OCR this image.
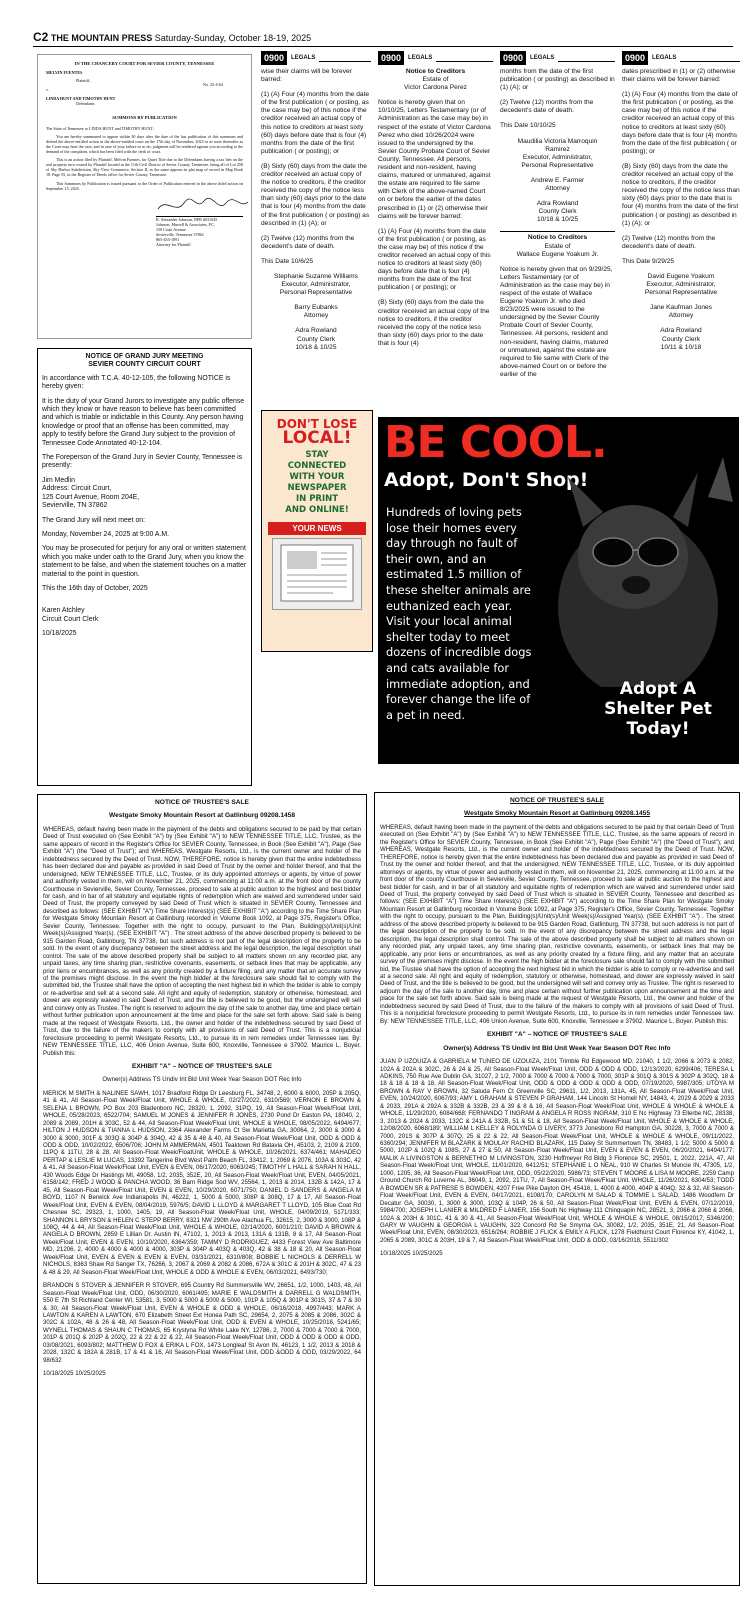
C2 THE MOUNTAIN PRESS Saturday-Sunday, October 18-19, 2025
IN THE CHANCERY COURT FOR SEVIER COUNTY, TENNESSEE
MELVIN FUENTES
Plaintiff,
v.
LINDA HUNT AND TIMOTHY HUNT
Defendants
No. 25-4-64
SUMMONS BY PUBLICATION

The State of Tennessee to LINDA HUNT and TIMOTHY HUNT:

You are hereby summoned to appear within 30 days after the date of the last publication of this summons and defend the above-entitled action in the above-entitled court on the 17th day of November, 2025 or as soon thereafter as the Court may hear the case, and in case of your failure to so do, judgment will be rendered against you according to the demand of the complaint, which has been filed with the clerk of court.

This is an action filed by Plaintiff, Melvin Fuentes, for Quiet Title due to the Defendants having a tax lien on the real property now owned by Plaintiff located in the 11th Civil District of Sevier County, Tennessee, being all of Lot 258 of Sky Harbor Subdivision, Sky View Commerce, Section II, as the same appears in plat map of record in Map Book 18, Page 55, in the Register of Deeds office for Sevier County, Tennessee.

This Summons by Publication is issued pursuant to the Order of Publication entered in the above titled action on September 15, 2025.

R. Alexander Johnson, BPR #031045
Johnson, Murrell & Associates, P.C.
150 Court Avenue
Sevierville, Tennessee 37862
865-453-1891
Attorney for Plaintiff
NOTICE OF GRAND JURY MEETING
SEVIER COUNTY CIRCUIT COURT

In accordance with T.C.A. 40-12-105, the following NOTICE is hereby given:

It is the duty of your Grand Jurors to investigate any public offense which they know or have reason to believe has been committed and which is triable or indictable in this County. Any person having knowledge or proof that an offense has been committed, may apply to testify before the Grand Jury subject to the provision of Tennessee Code Annotated 40-12-104.

The Foreperson of the Grand Jury in Sevier County, Tennessee is presently:

Jim Medlin
Address: Circuit Court,
125 Court Avenue, Room 204E,
Sevierville, TN 37862

The Grand Jury will next meet on:

Monday, November 24, 2025 at 9:00 A.M.

You may be prosecuted for perjury for any oral or written statement which you make under oath to the Grand Jury, when you know the statement to be false, and when the statement touches on a matter material to the point in question.

This the 16th day of October, 2025

Karen Atchley
Circuit Court Clerk

10/18/2025

0900	LEGALS

wise their claims will be forever barred:

(1) (A) Four (4) months from the date of the first publication ( or posting, as the case may be) of this notice if the creditor received an actual copy of this notice to creditors at least sixty (60) days before date that is four (4) months from the date of the first publication ( or posting); or

(B) Sixty (60) days from the date the creditor received an actual copy of the notice to creditors, if the creditor received the copy of the notice less than sixty (60) days prior to the date that is four (4) months from the date of the first publication ( or posting) as described in (1) (A); or

(2) Twelve (12) months from the decedent's date of death.

This Date 10/6/25

Stephanie Suzanne Williams
Executor, Administrator,
Personal Representative

Barry Eubanks
Attorney

Adra Rowland
County Clerk
10/18 & 10/25

0900	LEGALS

Notice to Creditors
Estate of
Victor Cardona Perez

Notice is hereby given that on 10/10/25, Letters Testamentary (or of Administration as the case may be) in respect of the estate of Victor Cardona Perez who died 10/26/2024 were issued to the undersigned by the Sevier County Probate Court of Sevier County, Tennessee. All persons, resident and non-resident, having claims, matured or unmatured, against the estate are required to file same with Clerk of the above-named Court on or before the earlier of the dates prescribed in (1) or (2) otherwise their claims will be forever barred:

(1) (A) Four (4) months from the date of the first publication ( or posting, as the case may be) of this notice if the creditor received an actual copy of this notice to creditors at least sixty (60) days before date that is four (4) months from the date of the first publication ( or posting); or

(B) Sixty (60) days from the date the creditor received an actual copy of the notice to creditors, if the creditor received the copy of the notice less than sixty (60) days prior to the date that is four (4)

0900	LEGALS

months from the date of the first publication ( or posting) as described in (1) (A); or

(2) Twelve (12) months from the decedent's date of death.

This Date 10/10/25

Maudilia Victoria Marroquin
Ramirez
Executor, Administrator,
Personal Representative

Andrew E. Farmer
Attorney

Adra Rowland
County Clerk
10/18 & 10/25

Notice to Creditors
Estate of
Wallace Eugene Yoakum Jr.

Notice is hereby given that on 9/29/25, Letters Testamentary (or of Administration as the case may be) in respect of the estate of Wallace Eugene Yoakum Jr. who died 8/23/2025 were issued to the undersigned by the Sevier County Probate Court of Sevier County, Tennessee. All persons, resident and non-resident, having claims, matured or unmatured, against the estate are required to file same with Clerk of the above-named Court on or before the earlier of the

0900	LEGALS

dates prescribed in (1) or (2) otherwise their claims will be forever barred:

(1) (A) Four (4) months from the date of the first publication ( or posting, as the case may be) of this notice if the creditor received an actual copy of this notice to creditors at least sixty (60) days before date that is four (4) months from the date of the first publication ( or posting); or

(B) Sixty (60) days from the date the creditor received an actual copy of the notice to creditors, if the creditor received the copy of the notice less than sixty (60) days prior to the date that is four (4) months from the date of the first publication ( or posting) as described in (1) (A); or

(2) Twelve (12) months from the decedent's date of death.

This Date 9/29/25

David Eugene Yoakum
Executor, Administrator,
Personal Representative

Jane Kaufman Jones
Attorney

Adra Rowland
County Clerk
10/11 & 10/18

DON'T LOSE
LOCAL!
STAY
CONNECTED
WITH YOUR
NEWSPAPER
IN PRINT
AND ONLINE!
YOUR NEWS
BE COOL.
Adopt, Don't Shop!
Hundreds of loving pets lose their homes every day through no fault of their own, and an estimated 1.5 million of these shelter animals are euthanized each year. Visit your local animal shelter today to meet dozens of incredible dogs and cats available for immediate adoption, and forever change the life of a pet in need.
Adopt A Shelter Pet Today!
NOTICE OF TRUSTEE'S SALE
Westgate Smoky Mountain Resort at Gatlinburg 09208.1458

WHEREAS, default having been made in the payment of the debts and obligations secured to be paid by that certain Deed of Trust executed on (See Exhibit "A") by (See Exhibit "A") to NEW TENNESSEE TITLE, LLC, Trustee, as the same appears of record in the Register's Office for SEVIER County, Tennessee, in Book (See Exhibit "A"), Page (See Exhibit "A") (the "Deed of Trust"); and WHEREAS, Westgate Resorts, Ltd., is the current owner and holder of the indebtedness secured by the Deed of Trust. NOW, THEREFORE, notice is hereby given that the entire indebtedness has been declared due and payable as provided in said Deed of Trust by the owner and holder thereof, and that the undersigned, NEW TENNESSEE TITLE, LLC, Trustee, or its duly appointed attorneys or agents, by virtue of power and authority vested in them, will on November 21, 2025, commencing at 11:00 a.m. at the front door of the county Courthouse in Sevierville, Sevier County, Tennessee, proceed to sale at public auction to the highest and best bidder for cash, and in bar of all statutory and equitable rights of redemption which are waived and surrendered under said Deed of Trust, the property conveyed by said Deed of Trust which is situated in SEVIER County, Tennessee and described as follows: (SEE EXHIBIT "A") Time Share Interest(s) (SEE EXHIBIT "A") according to the Time Share Plan for Westgate Smoky Mountain Resort at Gatlinburg recorded in Volume Book 1092, at Page 375, Register's Office, Sevier County, Tennessee. Together with the right to occupy, pursuant to the Plan, Building(s)/Unit(s)/Unit Week(s)/Assigned Year(s). (SEE EXHIBIT "A") . The street address of the above described property is believed to be 915 Garden Road, Gatlinburg, TN 37738, but such address is not part of the legal description of the property to be sold. In the event of any discrepancy between the street address and the legal description, the legal description shall control. The sale of the above described property shall be subject to all matters shown on any recorded plat, any unpaid taxes, any time sharing plan, restrictive covenants, easements, or setback lines that may be applicable, any prior liens or encumbrances, as well as any priority created by a fixture filing, and any matter that an accurate survey of the premises might disclose. In the event the high bidder at the foreclosure sale should fail to comply with the submitted bid, the Trustee shall have the option of accepting the next highest bid in which the bidder is able to comply or re-advertise and sell at a second sale. All right and equity of redemption, statutory or otherwise, homestead, and dower are expressly waived in said Deed of Trust, and the title is believed to be good, but the undersigned will sell and convey only as Trustee. The right is reserved to adjourn the day of the sale to another day, time and place certain without further publication upon announcement at the time and place for the sale set forth above. Said sale is being made at the request of Westgate Resorts, Ltd., the owner and holder of the indebtedness secured by said Deed of Trust, due to the failure of the makers to comply with all provisions of said Deed of Trust. This is a nonjudicial foreclosure proceeding to permit Westgate Resorts, Ltd., to pursue its in rem remedies under Tennessee law. By: NEW TENNESSEE TITLE, LLC, 406 Union Avenue, Suite 600, Knoxville, Tennessee e 37902. Maurice L. Boyer. Publish this:

EXHIBIT "A" – NOTICE OF TRUSTEE'S SALE

Owner(s) Address TS Undiv Int Bld Unit Week Year Season DOT Rec Info

MERICK M SMITH & NALINEE SAWH, 1017 Bradford Ridge Dr Leesburg FL, 34748, 2, 6000 & 6000, 205P & 205Q, 41 & 41, All Season-Float Week/Float Unit, WHOLE & WHOLE, 02/27/2022, 6310/569; VERNON E BROWN & SELENA L BROWN, PO Box 203 Bladenboro NC, 28320, 1, 2092, 31PQ, 19, All Season-Float Week/Float Unit, WHOLE, 05/28/2023, 6522/704; SAMUEL M JONES & JENNIFER R JONES, 2730 Pond Dr Easton PA, 18040, 2, 2089 & 2089, 201H & 303C, 52 & 44, All Season-Float Week/Float Unit, WHOLE & WHOLE, 08/05/2022, 6494/677; HILTON J HUDSON & TIANNA L HUDSON, 2364 Alexander Farms Ct Sw Marietta GA, 30064, 2, 3000 & 3000 & 3000 & 3000, 301F & 303Q & 304P & 304Q, 42 & 35 & 48 & 40, All Season-Float Week/Float Unit, ODD & ODD & ODD & ODD, 10/02/2022, 6506/706; JOHN M AMMERMAN, 4501 Teaktown Rd Batavia OH, 45103, 2, 2109 & 2109, 11PQ & 11TU, 28 & 28, All Season-Float Week/FloatUnit, WHOLE & WHOLE, 10/26/2021, 6374/461; MAHADEO PERTAP & LESLIE M LUCAS, 13392 Tangerine Blvd West Palm Beach FL, 33412, 1, 2069 & 2076, 103A & 303C, 42 & 41, All Season-Float Week/Float Unit, EVEN & EVEN, 06/17/2020, 6063/245; TIMOTHY L HALL & SARAH N HALL, 430 Woods Edge Dr Hastings MI, 49058, 1/2, 2035, 352E, 20, All Season-Float Week/Float Unit, EVEN, 04/05/2021, 6158/142; FRED J WOOD & PANCHA WOOD, 36 Barn Ridge Sod WV, 25564, 1, 2013 & 2014, 132B & 142A, 17 & 45, All Season-Float Week/Float Unit, EVEN & EVEN, 10/29/2020, 6071/750; DANIEL D SANDERS & ANGELA M BOYD, 1107 N Berwick Ave Indianapolis IN, 46222, 1, 5000 & 5000, 308P & 308Q, 17 & 17, All Season-Float Week/Float Unit, EVEN & EVEN, 08/04/2019, 5976/5; DAVID L LLOYD & MARGARET T LLOYD, 105 Blue Coat Rd Chesnee SC, 29323, 1, 1000, 1405, 19, All Season-Float Week/Float Unit, WHOLE, 04/09/2019, 5171/333; SHANNON L BRYSON & HELEN C STEPP BERRY, 8321 NW 290th Ave Alachua FL, 32615, 2, 3000 & 3000, 108P & 108Q, 44 & 44, All Season-Float Week/Float Unit, WHOLE & WHOLE, 02/14/2020, 6001/210; DAVID A BROWN & ANGELA D BROWN, 2859 E Lillian Dr. Austin IN, 47102, 1, 2013 & 2013, 131A & 131B, 8 & 17, All Season-Float Week/Float Unit, EVEN & EVEN, 10/10/2020, 6364/359; TAMMY D RODRIGUEZ, 4433 Forest View Ave Baltimore MD, 21206, 2, 4000 & 4000 & 4000 & 4000, 303P & 304P & 403Q & 403Q, 42 & 38 & 18 & 20, All Season-Float Week/Float Unit, EVEN & EVEN & EVEN & EVEN, 03/31/2021, 6310/808; BOBBIE L NICHOLS & DERRELL W NICHOLS, 8363 Shaw Rd Sanger TX, 76266, 3, 2067 & 2069 & 2082 & 2086, 672A & 301C & 201H & 302C, 47 & 23 & 48 & 29, All Season-Float Week/Float Unit, WHOLE & ODD & WHOLE & EVEN, 06/03/2021, 6493/730;

BRANDON S STOVER & JENNIFER R STOVER, 695 Country Rd Summersville WV, 26651, 1/2, 1000, 1403, 48, All Season-Float Week/Float Unit, ODD, 06/30/2020, 6061/495; MARIE E WALDSMITH & DARRELL G WALDSMITH, 550 E 7th St Richland Center WI, 53581, 3, 5000 & 5000 & 5000 & 5000, 101P & 105Q & 301P & 301S, 37 & 7 & 30 & 30, All Season-Float Week/Float Unit, EVEN & WHOLE & ODD & WHOLE, 06/16/2018, 4997/443; MARK A LAWTON & KAREN A LAWTON, 670 Elizabeth Street Ext Honea Path SC, 29654, 2, 2075 & 2085 & 2086, 302C & 302C & 102A, 48 & 26 & 48, All Season-Float Week/Float Unit, ODD & EVEN & WHOLE, 10/25/2016, 5241/65; WYNELL THOMAS & SHAUN C THOMAS, 65 Krystyna Rd White Lake NY, 12786, 2, 7000 & 7000 & 7000 & 7000, 201P & 201Q & 202P & 202Q, 22 & 22 & 22 & 22, All Season-Float Week/Float Unit, ODD & ODD & ODD & ODD, 03/08/2021, 6093/802; MATTHEW D FOX & ERIKA L FOX, 1473 Longleaf St Avon IN, 46123, 1 1/2, 2013 & 2018 & 2028, 132C & 182A & 281B, 17 & 41 & 16, All Season-Float Week/Float Unit, ODD &ODD & ODD, 03/29/2022, 64 98/632

10/18/2025 10/25/2025

NOTICE OF TRUSTEE'S SALE
Westgate Smoky Mountain Resort at Gatlinburg 09208.1455

WHEREAS, default having been made in the payment of the debts and obligations secured to be paid by that certain Deed of Trust executed on (See Exhibit "A") by (See Exhibit "A") to NEW TENNESSEE TITLE, LLC, Trustee, as the same appears of record in the Register's Office for SEVIER County, Tennessee, in Book (See Exhibit "A"), Page (See Exhibit "A") (the "Deed of Trust"); and WHEREAS, Westgate Resorts, Ltd., is the current owner and holder of the indebtedness secured by the Deed of Trust. NOW, THEREFORE, notice is hereby given that the entire indebtedness has been declared due and payable as provided in said Deed of Trust by the owner and holder thereof, and that the undersigned, NEW TENNESSEE TITLE, LLC, Trustee, or its duly appointed attorneys or agents, by virtue of power and authority vested in them, will on November 21, 2025, commencing at 11:00 a.m. at the front door of the county Courthouse in Sevierville, Sevier County, Tennessee, proceed to sale at public auction to the highest and best bidder for cash, and in bar of all statutory and equitable rights of redemption which are waived and surrendered under said Deed of Trust, the property conveyed by said Deed of Trust which is situated in SEVIER County, Tennessee and described as follows: (SEE EXHIBIT "A") Time Share Interest(s) (SEE EXHIBIT "A") according to the Time Share Plan for Westgate Smoky Mountain Resort at Gatlinburg recorded in Volume Book 1092, at Page 375, Register's Office, Sevier County, Tennessee. Together with the right to occupy, pursuant to the Plan, Building(s)/Unit(s)/Unit Week(s)/Assigned Year(s). (SEE EXHIBIT "A") . The street address of the above described property is believed to be 915 Garden Road, Gatlinburg, TN 37738, but such address is not part of the legal description of the property to be sold. In the event of any discrepancy between the street address and the legal description, the legal description shall control. The sale of the above described property shall be subject to all matters shown on any recorded plat, any unpaid taxes, any time sharing plan, restrictive covenants, easements, or setback lines that may be applicable, any prior liens or encumbrances, as well as any priority created by a fixture filing, and any matter that an accurate survey of the premises might disclose. In the event the high bidder at the foreclosure sale should fail to comply with the submitted bid, the Trustee shall have the option of accepting the next highest bid in which the bidder is able to comply or re-advertise and sell at a second sale. All right and equity of redemption, statutory or otherwise, homestead, and dower are expressly waived in said Deed of Trust, and the title is believed to be good, but the undersigned will sell and convey only as Trustee. The right is reserved to adjourn the day of the sale to another day, time and place certain without further publication upon announcement at the time and place for the sale set forth above. Said sale is being made at the request of Westgate Resorts, Ltd., the owner and holder of the indebtedness secured by said Deed of Trust, due to the failure of the makers to comply with all provisions of said Deed of Trust. This is a nonjudicial foreclosure proceeding to permit Westgate Resorts, Ltd., to pursue its in rem remedies under Tennessee law. By: NEW TENNESSEE TITLE, LLC, 406 Union Avenue, Suite 600, Knoxville, Tennessee e 37902. Maurice L. Boyer. Publish this:

EXHIBIT "A" – NOTICE OF TRUSTEE'S SALE
Owner(s) Address TS Undiv Int Bld Unit Week Year Season DOT Rec Info

JUAN P UZOUIZA & GABRIELA M TUNEO DE UZOUIZA, 2101 Trimble Rd Edgewood MD, 21040, 1 1/2, 2066 & 2073 & 2082, 102A & 202A & 302C, 26 & 24 & 25, All Season-Float Week/Float Unit, ODD & ODD & ODD, 12/13/2020, 6299/406; TERESA L ADKINS, 750 Rue Ave Dublin GA, 31027, 2 1/2, 7000 & 7000 & 7000 & 7000 & 7000, 301P & 301Q & 301S & 302P & 302Q, 18 & 18 & 18 & 18 & 18, All Season-Float Week/Float Unit, ODD & ODD & ODD & ODD & ODD, 07/19/2020, 5987/305; UTOYA M BROWN & RAY V BROWN, 32 Saluda Fern Ct Greenville SC, 29611, 1/2, 2013, 131A, 45, All Season-Float Week/Float Unit, EVEN, 10/24/2020, 6067/93; AMY L GRAHAM & STEVEN P GRAHAM, 144 Lincoln St Homell NY, 14843, 4, 2029 & 2029 & 2033 & 2033, 291A & 292A & 332B & 332B, 23 & 39 & 8 & 16, All Season-Float Week/Float Unit, WHOLE & WHOLE & WHOLE & WHOLE, 11/29/2020, 6084/668; FERNANDO T INGRAM & ANGELA R ROSS INGRAM, 310 E Nc Highway 73 Ellerbe NC, 28338, 3, 2013 & 2024 & 2033, 132C & 241A & 332B, 51 & 51 & 18, All Season-Float Week/Float Unit, WHOLE & WHOLE & WHOLE, 12/08/2020, 6068/189; WILLIAM L KELLEY & ROLYNDA G LIVERY, 3773 Jonesboro Rd Hampton GA, 30228, 3, 7000 & 7000 & 7000, 201S & 307P & 307Q, 25 & 22 & 22, All Season-Float Week/Float Unit, WHOLE & WHOLE & WHOLE, 09/11/2022, 6360/294; JENNIFER M BLAZARK & MOULAY RACHID BLAZARK, 115 Daley St Summertown TN, 38483, 1 1/2, 5000 & 5000 & 5000, 102P & 102Q & 108S, 27 & 27 & 50, All Season-Float Week/Float Unit, EVEN & EVEN & EVEN, 06/20/2021, 6494/177; MALIK A LIVINGSTON & BERNETHIO M LIVINGSTON, 3230 Hoffmeyer Rd Bldg 3 Florence SC, 29501, 1, 2022, 221A, 47, All Season-Float Week/Float Unit, WHOLE, 11/01/2020, 6412/51; STEPHANIE L O NEAL, 910 W Charles St Muncie IN, 47305, 1/2, 1000, 1205, 36, All Season-Float Week/Float Unit, ODD, 05/22/2020, 5986/73; STEVEN T MOORE & LISA M MOORE, 2259 Camp Ground Church Rd Luverne AL, 36049, 1, 2092, 21TU, 7, All Season-Float Week/Float Unit, WHOLE, 11/26/2021, 6304/53; TODD A BOWDEN SR & PATRESE S BOWDEN, 4207 Free Pike Dayton OH, 45416, 1, 4000 & 4000, 404P & 404Q, 32 & 32, All Season-Float Week/Float Unit, EVEN & EVEN, 04/17/2021, 6108/170; CAROLYN M SALAD & TOMMIE L SALAD, 1486 Woodfern Dr Decatur GA, 30030, 1, 3000 & 3000, 103Q & 104P, 26 & 50, All Season-Float Week/Float Unit, EVEN & EVEN, 07/12/2019, 5984/700; JOSEPH L LANIER & MILDRED F LANIER, 156 South Nc Highway 111 Chinquapin NC, 28521, 3, 2066 & 2066 & 2066, 102A & 203H & 301C, 41 & 30 & 41, All Season-Float Week/Float Unit, WHOLE & WHOLE & WHOLE, 08/15/2017, 5346/200; GARY W VAUGHN & GEORGIA L VAUGHN, 322 Concord Rd Se Smyrna GA, 30082, 1/2, 2035, 351E, 21, All Season-Float Week/Float Unit, EVEN, 08/30/2023, 6516/264; ROBBIE J FLICK & EMILY A FLICK, 1278 Fieldhurst Court Florence KY, 41042, 1, 2065 & 2089, 301C & 203H, 19 & 7, All Season-Float Week/Float Unit, ODD & ODD, 03/16/2018, 5511/302

10/18/2025 10/25/2025
